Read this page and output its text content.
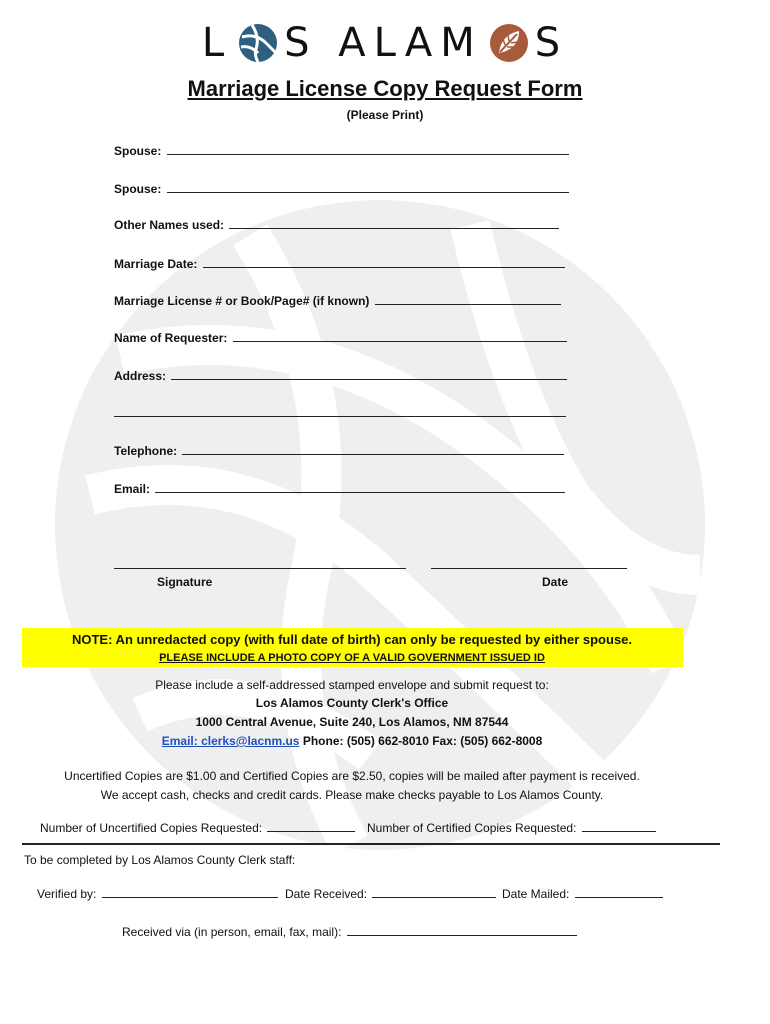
L S ALAM S
Marriage License Copy Request Form
(Please Print)
Spouse:
Spouse:
Other Names used:
Marriage Date:
Marriage License # or Book/Page# (if known)
Name of Requester:
Address:
Telephone:
Email:
Signature	Date
NOTE: An unredacted copy (with full date of birth) can only be requested by either spouse.
PLEASE INCLUDE A PHOTO COPY OF A VALID GOVERNMENT ISSUED ID
Please include a self-addressed stamped envelope and submit request to:
Los Alamos County Clerk's Office
1000 Central Avenue, Suite 240, Los Alamos, NM 87544
Email: clerks@lacnm.us Phone: (505) 662-8010 Fax: (505) 662-8008
Uncertified Copies are $1.00 and Certified Copies are $2.50, copies will be mailed after payment is received.
We accept cash, checks and credit cards. Please make checks payable to Los Alamos County.
Number of Uncertified Copies Requested:	Number of Certified Copies Requested:
To be completed by Los Alamos County Clerk staff:
Verified by:	Date Received:	Date Mailed:
Received via (in person, email, fax, mail):
